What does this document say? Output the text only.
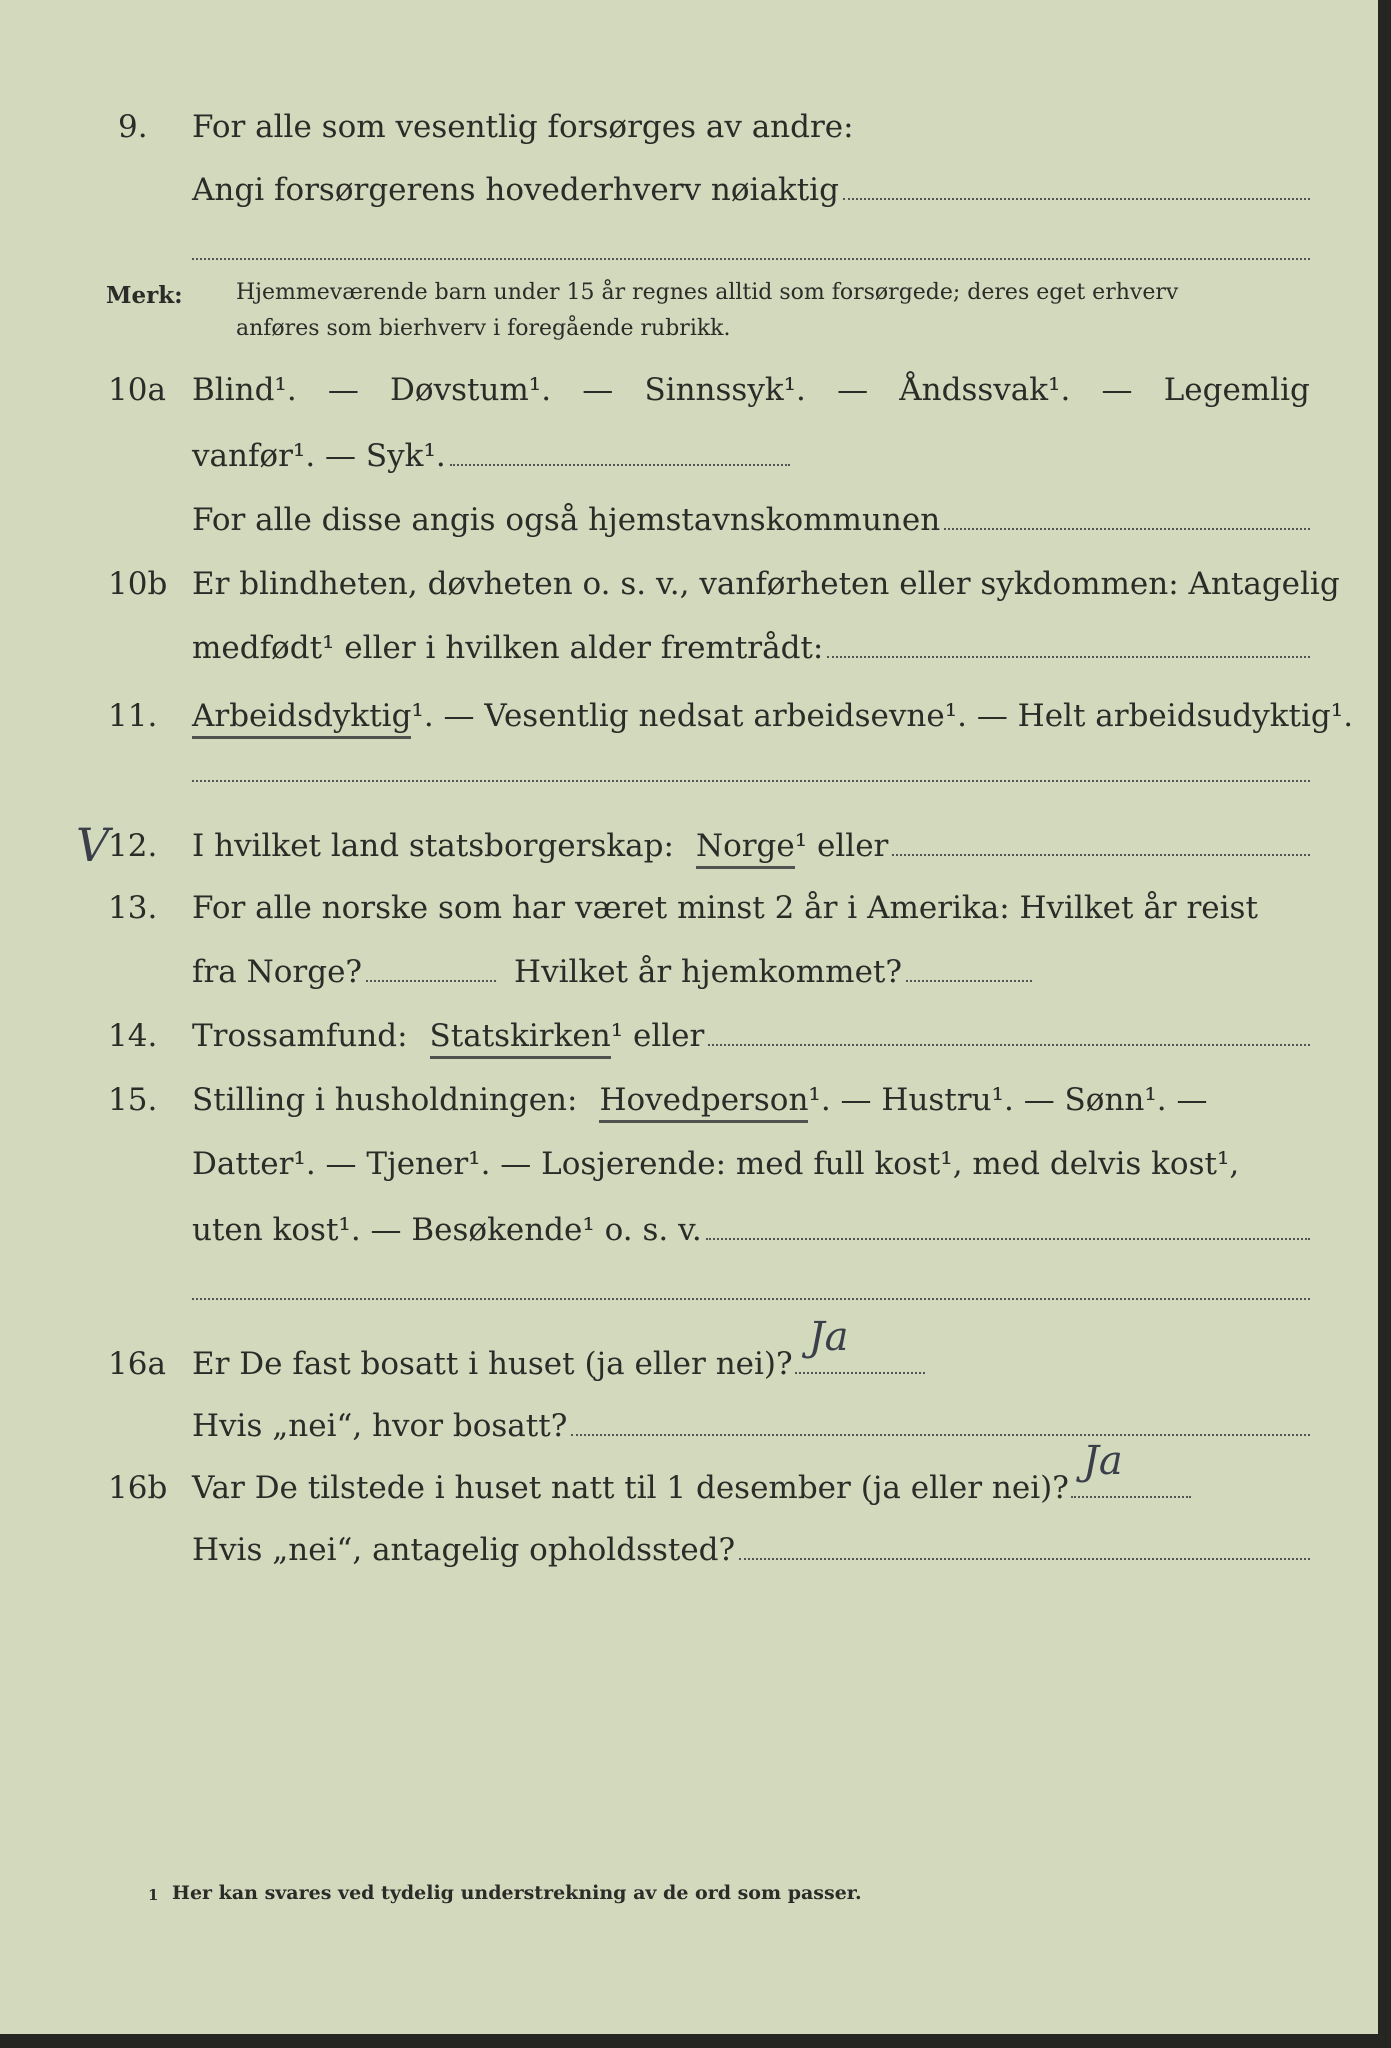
9. For alle som vesentlig forsørges av andre:
Angi forsørgerens hovederhverv nøiaktig
Merk: Hjemmeværende barn under 15 år regnes alltid som forsørgede; deres eget erhverv
anføres som bierhverv i foregående rubrikk.
10a Blind¹. — Døvstum¹. — Sinnssyk¹. — Åndssvak¹. — Legemlig
vanfør¹. — Syk¹.
For alle disse angis også hjemstavnskommunen
10b Er blindheten, døvheten o. s. v., vanførheten eller sykdommen: Antagelig
medfødt¹ eller i hvilken alder fremtrådt:
11. Arbeidsdyktig¹. — Vesentlig nedsat arbeidsevne¹. — Helt arbeidsudyktig¹.
V
12. I hvilket land statsborgerskap: Norge ¹ eller
13. For alle norske som har været minst 2 år i Amerika: Hvilket år reist
fra Norge?	Hvilket år hjemkommet?
14. Trossamfund: Statskirken ¹ eller
15. Stilling i husholdningen: Hovedperson ¹. — Hustru¹. — Sønn¹. —
Datter¹. — Tjener¹. — Losjerende: med full kost¹, med delvis kost¹,
uten kost¹. — Besøkende¹ o. s. v.
16a Er De fast bosatt i huset (ja eller nei)?
Ja
Hvis „nei“, hvor bosatt?
16b Var De tilstede i huset natt til 1 desember (ja eller nei)?
Ja
Hvis „nei“, antagelig opholdssted?
1 Her kan svares ved tydelig understrekning av de ord som passer.
